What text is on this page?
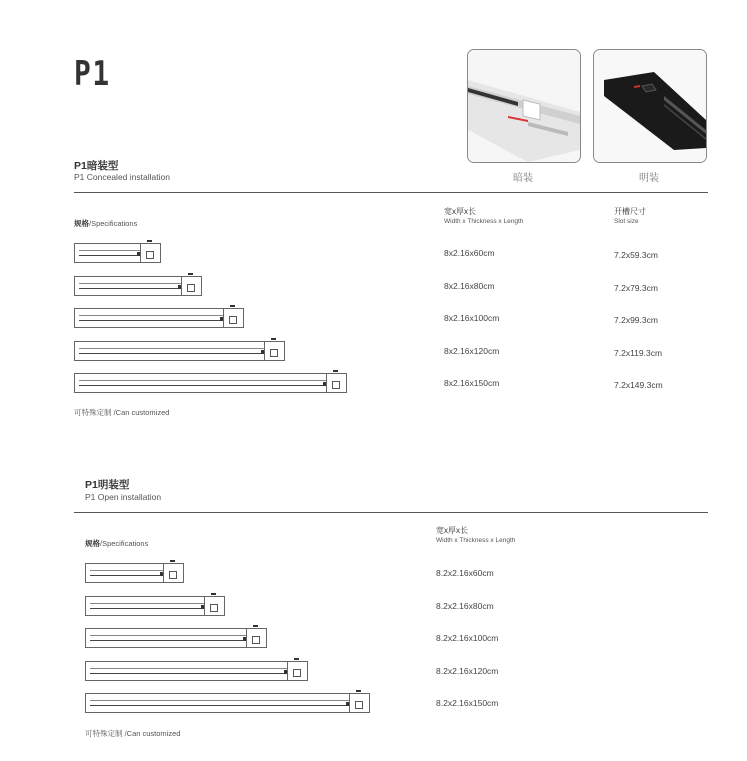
P1
暗装	明装
P1暗装型
P1 Concealed installation
规格/Specifications
宽x厚x长
Width x Thickness x Length
开槽尺寸
Slot size
8x2.16x60cm	7.2x59.3cm
8x2.16x80cm	7.2x79.3cm
8x2.16x100cm	7.2x99.3cm
8x2.16x120cm	7.2x119.3cm
8x2.16x150cm	7.2x149.3cm
可特殊定制 /Can customized
P1明装型
P1 Open installation
规格/Specifications
宽x厚x长
Width x Thickness x Length
8.2x2.16x60cm
8.2x2.16x80cm
8.2x2.16x100cm
8.2x2.16x120cm
8.2x2.16x150cm
可特殊定制 /Can customized
